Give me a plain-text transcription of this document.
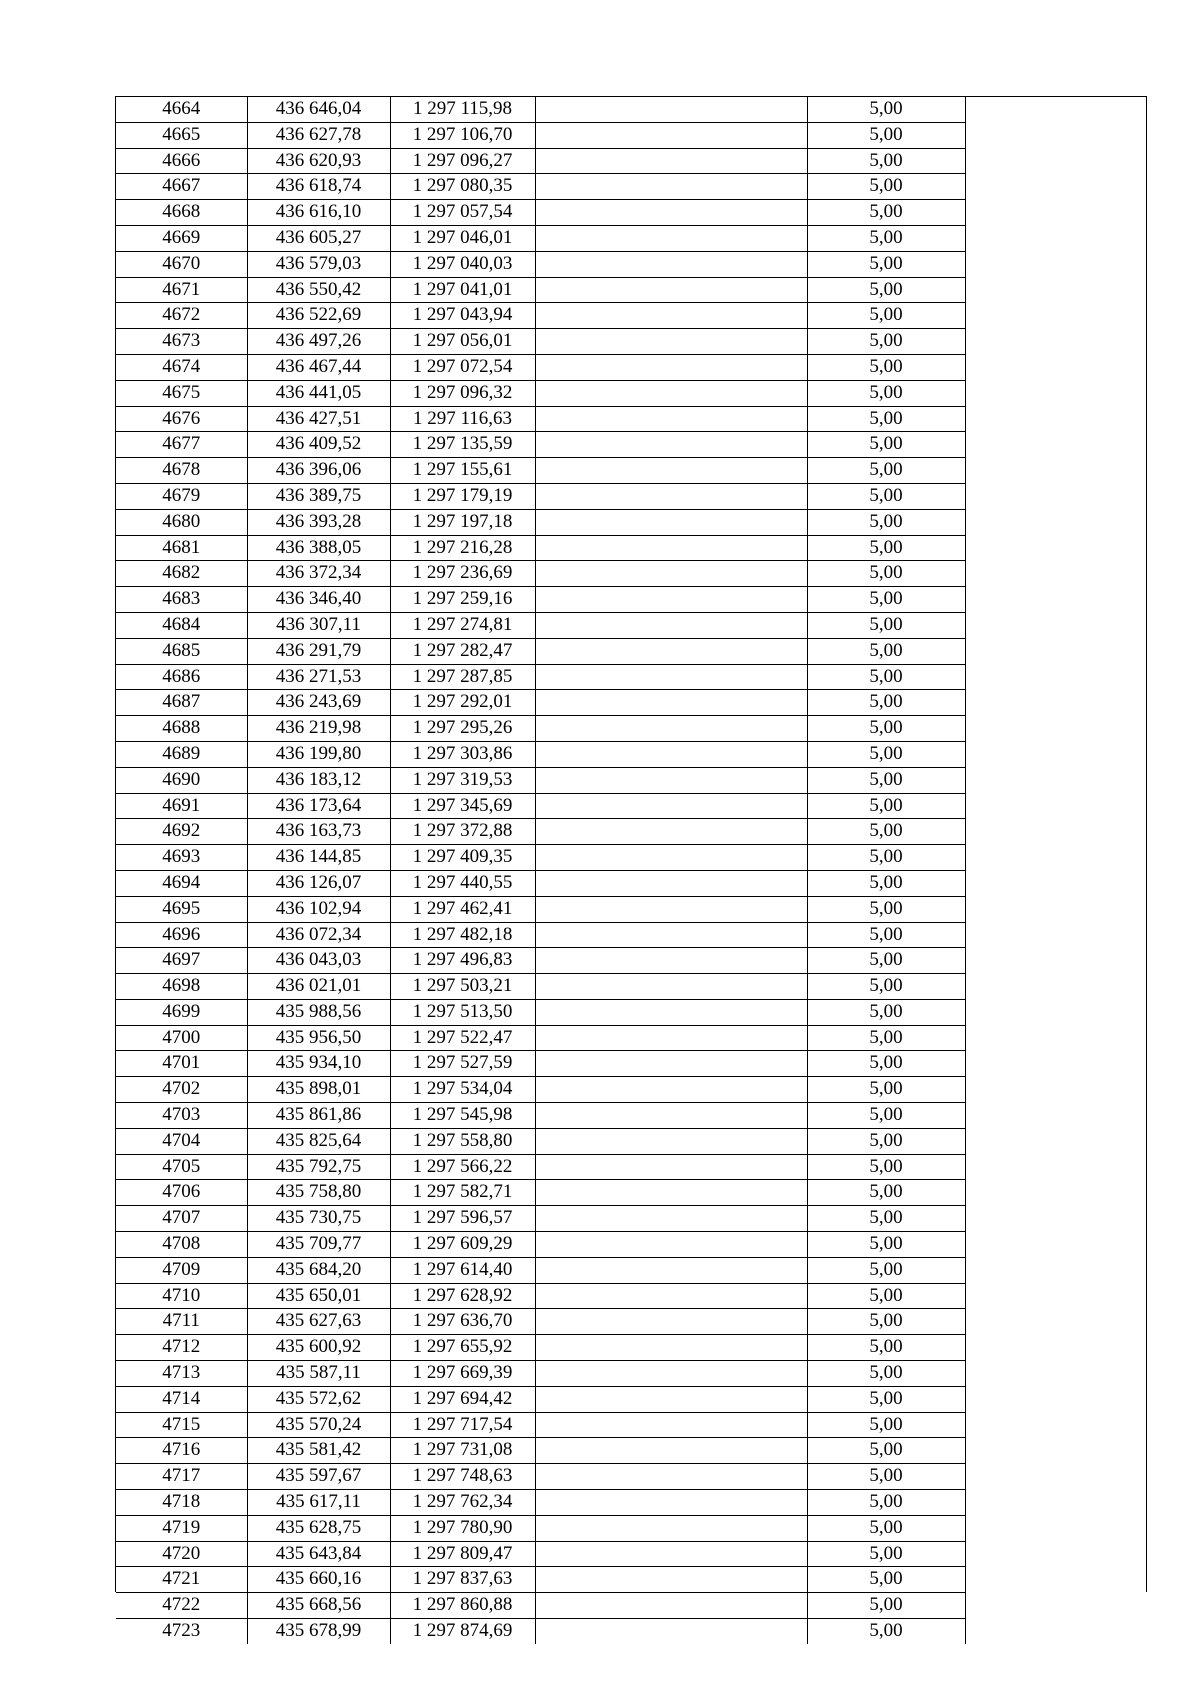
4664	436 646,04	1 297 115,98		5,00	
4665	436 627,78	1 297 106,70		5,00	
4666	436 620,93	1 297 096,27		5,00	
4667	436 618,74	1 297 080,35		5,00	
4668	436 616,10	1 297 057,54		5,00	
4669	436 605,27	1 297 046,01		5,00	
4670	436 579,03	1 297 040,03		5,00	
4671	436 550,42	1 297 041,01		5,00	
4672	436 522,69	1 297 043,94		5,00	
4673	436 497,26	1 297 056,01		5,00	
4674	436 467,44	1 297 072,54		5,00	
4675	436 441,05	1 297 096,32		5,00	
4676	436 427,51	1 297 116,63		5,00	
4677	436 409,52	1 297 135,59		5,00	
4678	436 396,06	1 297 155,61		5,00	
4679	436 389,75	1 297 179,19		5,00	
4680	436 393,28	1 297 197,18		5,00	
4681	436 388,05	1 297 216,28		5,00	
4682	436 372,34	1 297 236,69		5,00	
4683	436 346,40	1 297 259,16		5,00	
4684	436 307,11	1 297 274,81		5,00	
4685	436 291,79	1 297 282,47		5,00	
4686	436 271,53	1 297 287,85		5,00	
4687	436 243,69	1 297 292,01		5,00	
4688	436 219,98	1 297 295,26		5,00	
4689	436 199,80	1 297 303,86		5,00	
4690	436 183,12	1 297 319,53		5,00	
4691	436 173,64	1 297 345,69		5,00	
4692	436 163,73	1 297 372,88		5,00	
4693	436 144,85	1 297 409,35		5,00	
4694	436 126,07	1 297 440,55		5,00	
4695	436 102,94	1 297 462,41		5,00	
4696	436 072,34	1 297 482,18		5,00	
4697	436 043,03	1 297 496,83		5,00	
4698	436 021,01	1 297 503,21		5,00	
4699	435 988,56	1 297 513,50		5,00	
4700	435 956,50	1 297 522,47		5,00	
4701	435 934,10	1 297 527,59		5,00	
4702	435 898,01	1 297 534,04		5,00	
4703	435 861,86	1 297 545,98		5,00	
4704	435 825,64	1 297 558,80		5,00	
4705	435 792,75	1 297 566,22		5,00	
4706	435 758,80	1 297 582,71		5,00	
4707	435 730,75	1 297 596,57		5,00	
4708	435 709,77	1 297 609,29		5,00	
4709	435 684,20	1 297 614,40		5,00	
4710	435 650,01	1 297 628,92		5,00	
4711	435 627,63	1 297 636,70		5,00	
4712	435 600,92	1 297 655,92		5,00	
4713	435 587,11	1 297 669,39		5,00	
4714	435 572,62	1 297 694,42		5,00	
4715	435 570,24	1 297 717,54		5,00	
4716	435 581,42	1 297 731,08		5,00	
4717	435 597,67	1 297 748,63		5,00	
4718	435 617,11	1 297 762,34		5,00	
4719	435 628,75	1 297 780,90		5,00	
4720	435 643,84	1 297 809,47		5,00	
4721	435 660,16	1 297 837,63		5,00	
4722	435 668,56	1 297 860,88		5,00	
4723	435 678,99	1 297 874,69		5,00	
